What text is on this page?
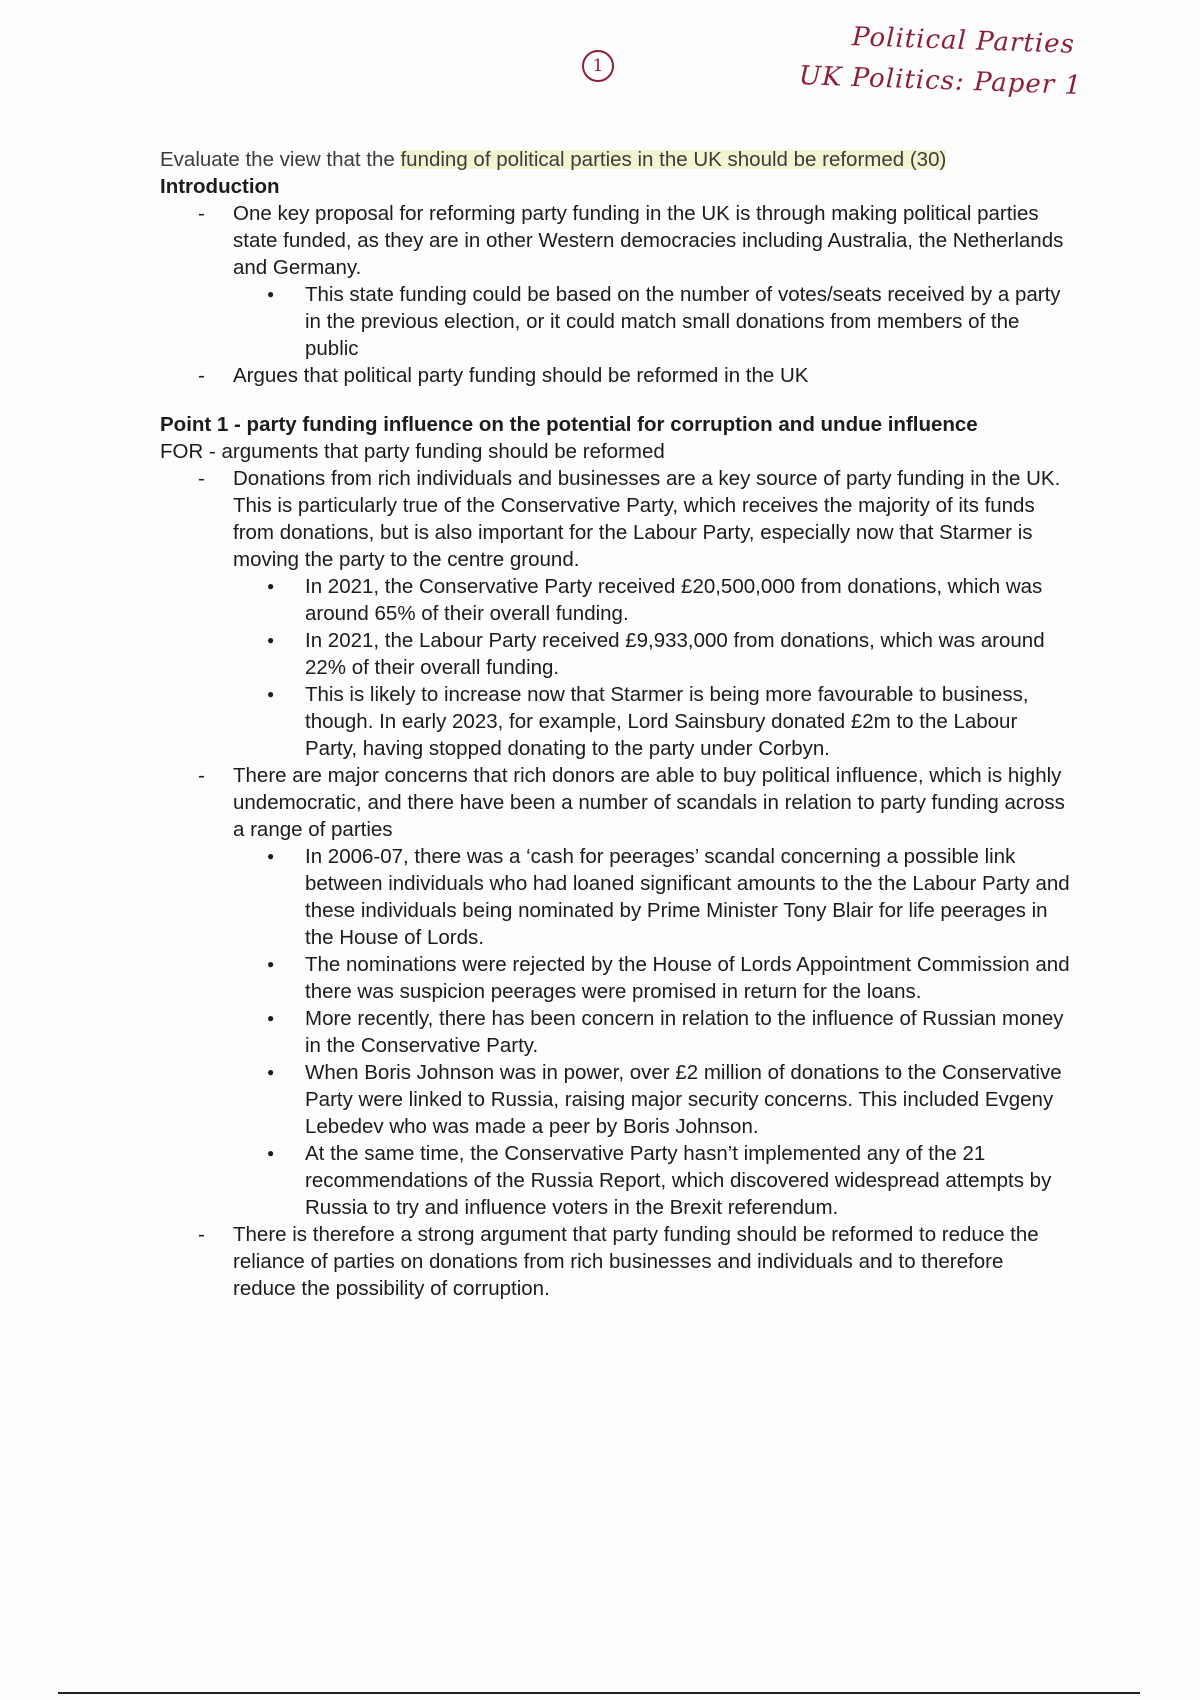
1
Political Parties
UK Politics: Paper 1

Evaluate the view that the funding of political parties in the UK should be reformed (30)

Introduction

- One key proposal for reforming party funding in the UK is through making political parties state funded, as they are in other Western democracies including Australia, the Netherlands and Germany.
● This state funding could be based on the number of votes/seats received by a party in the previous election, or it could match small donations from members of the public
- Argues that political party funding should be reformed in the UK

Point 1 - party funding influence on the potential for corruption and undue influence

FOR - arguments that party funding should be reformed

- Donations from rich individuals and businesses are a key source of party funding in the UK. This is particularly true of the Conservative Party, which receives the majority of its funds from donations, but is also important for the Labour Party, especially now that Starmer is moving the party to the centre ground.
● In 2021, the Conservative Party received £20,500,000 from donations, which was around 65% of their overall funding.
● In 2021, the Labour Party received £9,933,000 from donations, which was around 22% of their overall funding.
● This is likely to increase now that Starmer is being more favourable to business, though. In early 2023, for example, Lord Sainsbury donated £2m to the Labour Party, having stopped donating to the party under Corbyn.
- There are major concerns that rich donors are able to buy political influence, which is highly undemocratic, and there have been a number of scandals in relation to party funding across a range of parties
● In 2006-07, there was a ‘cash for peerages’ scandal concerning a possible link between individuals who had loaned significant amounts to the the Labour Party and these individuals being nominated by Prime Minister Tony Blair for life peerages in the House of Lords.
● The nominations were rejected by the House of Lords Appointment Commission and there was suspicion peerages were promised in return for the loans.
● More recently, there has been concern in relation to the influence of Russian money in the Conservative Party.
● When Boris Johnson was in power, over £2 million of donations to the Conservative Party were linked to Russia, raising major security concerns. This included Evgeny Lebedev who was made a peer by Boris Johnson.
● At the same time, the Conservative Party hasn’t implemented any of the 21 recommendations of the Russia Report, which discovered widespread attempts by Russia to try and influence voters in the Brexit referendum.
- There is therefore a strong argument that party funding should be reformed to reduce the reliance of parties on donations from rich businesses and individuals and to therefore reduce the possibility of corruption.
